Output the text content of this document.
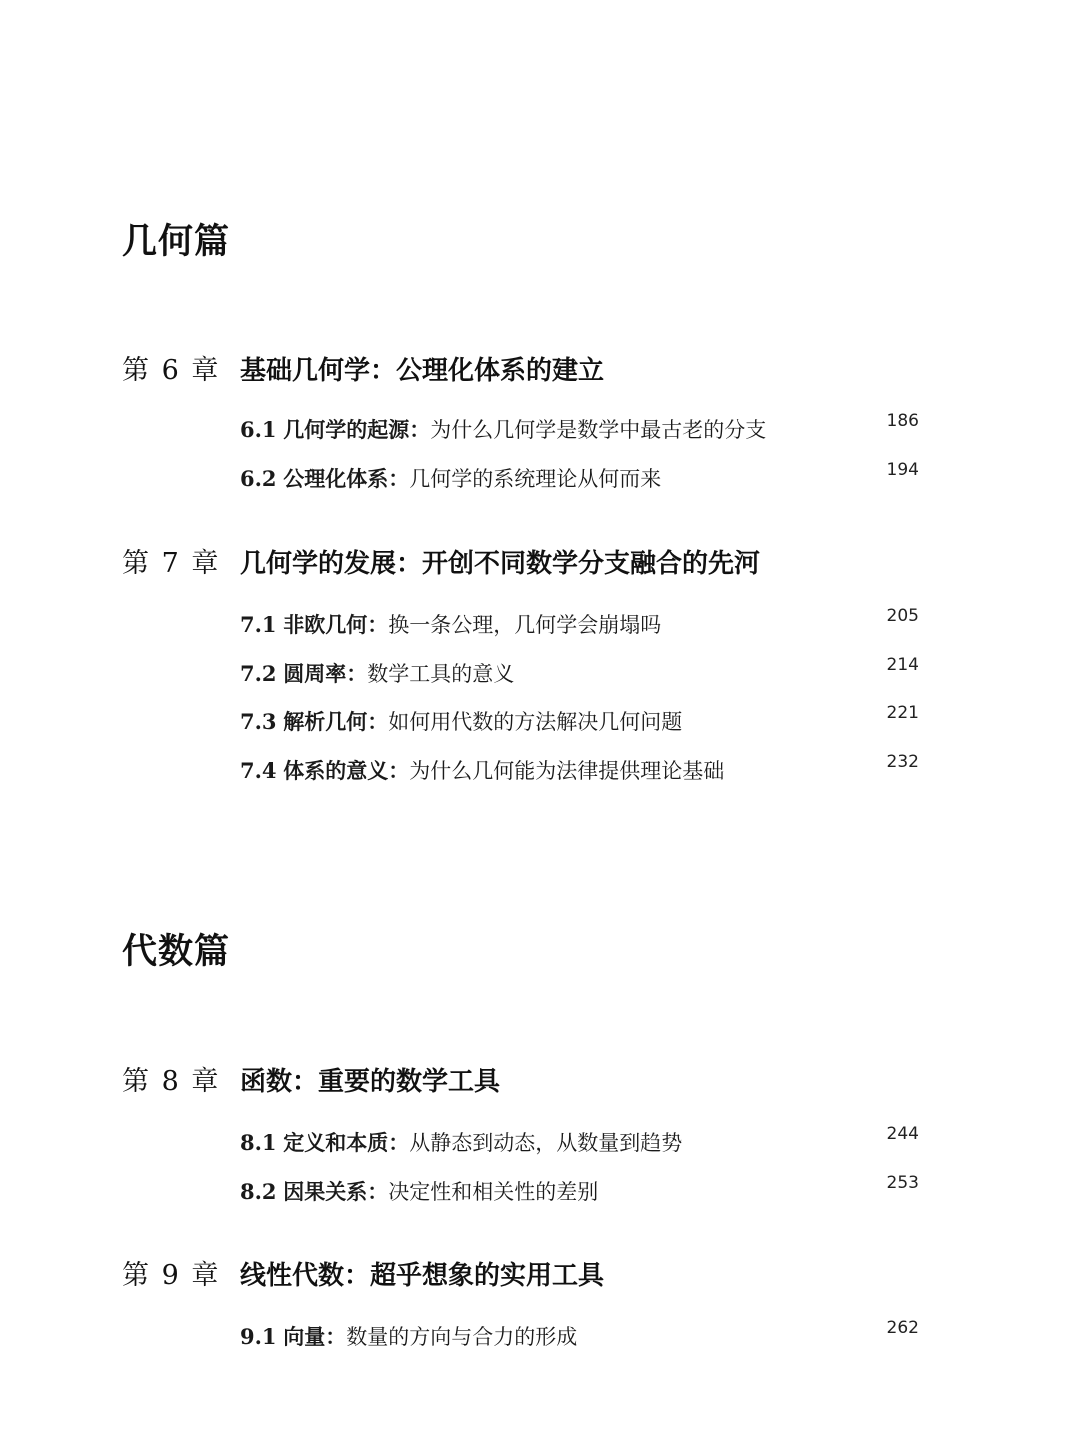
几何篇
第 6 章 基础几何学：公理化体系的建立
6.1 几何学的起源：为什么几何学是数学中最古老的分支	186
6.2 公理化体系：几何学的系统理论从何而来	194
第 7 章 几何学的发展：开创不同数学分支融合的先河
7.1 非欧几何：换一条公理，几何学会崩塌吗	205
7.2 圆周率：数学工具的意义	214
7.3 解析几何：如何用代数的方法解决几何问题	221
7.4 体系的意义：为什么几何能为法律提供理论基础	232
代数篇
第 8 章 函数：重要的数学工具
8.1 定义和本质：从静态到动态，从数量到趋势	244
8.2 因果关系：决定性和相关性的差别	253
第 9 章 线性代数：超乎想象的实用工具
9.1 向量：数量的方向与合力的形成	262
